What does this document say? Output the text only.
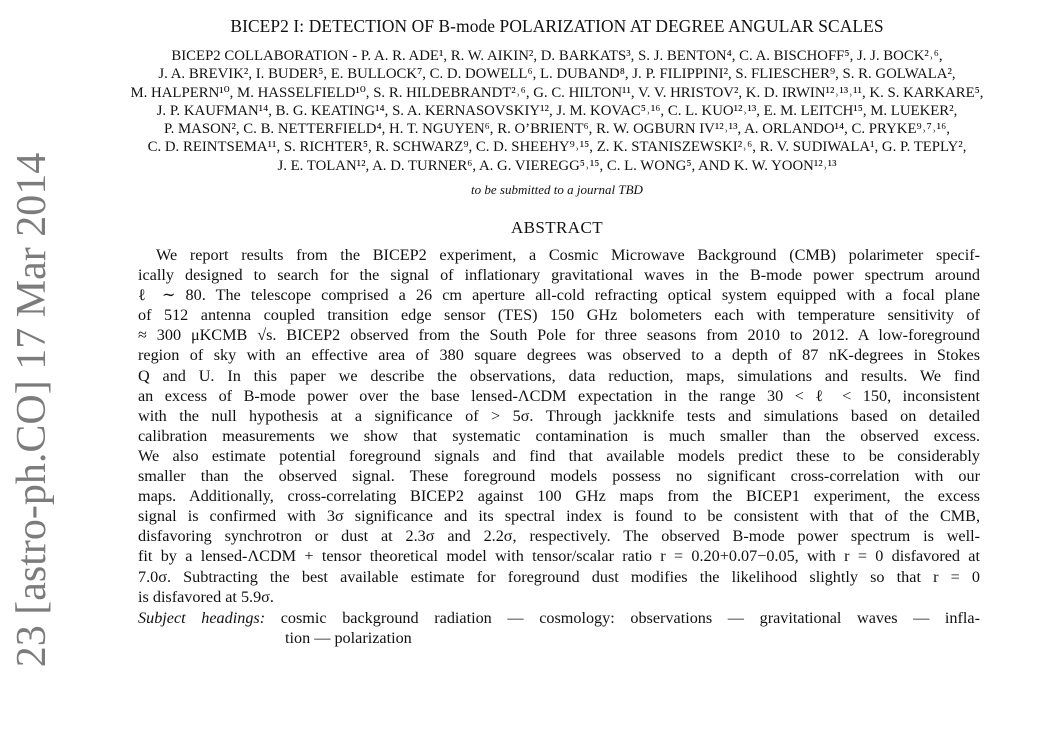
23 [astro-ph.CO] 17 Mar 2014
BICEP2 I: DETECTION OF B-mode POLARIZATION AT DEGREE ANGULAR SCALES
BICEP2 COLLABORATION - P. A. R. ADE¹, R. W. AIKIN², D. BARKATS³, S. J. BENTON⁴, C. A. BISCHOFF⁵, J. J. BOCK²˒⁶,
J. A. BREVIK², I. BUDER⁵, E. BULLOCK⁷, C. D. DOWELL⁶, L. DUBAND⁸, J. P. FILIPPINI², S. FLIESCHER⁹, S. R. GOLWALA²,
M. HALPERN¹⁰, M. HASSELFIELD¹⁰, S. R. HILDEBRANDT²˒⁶, G. C. HILTON¹¹, V. V. HRISTOV², K. D. IRWIN¹²˒¹³˒¹¹, K. S. KARKARE⁵,
J. P. KAUFMAN¹⁴, B. G. KEATING¹⁴, S. A. KERNASOVSKIY¹², J. M. KOVAC⁵˒¹⁶, C. L. KUO¹²˒¹³, E. M. LEITCH¹⁵, M. LUEKER²,
P. MASON², C. B. NETTERFIELD⁴, H. T. NGUYEN⁶, R. O’BRIENT⁶, R. W. OGBURN IV¹²˒¹³, A. ORLANDO¹⁴, C. PRYKE⁹˒⁷˒¹⁶,
C. D. REINTSEMA¹¹, S. RICHTER⁵, R. SCHWARZ⁹, C. D. SHEEHY⁹˒¹⁵, Z. K. STANISZEWSKI²˒⁶, R. V. SUDIWALA¹, G. P. TEPLY²,
J. E. TOLAN¹², A. D. TURNER⁶, A. G. VIEREGG⁵˒¹⁵, C. L. WONG⁵, AND K. W. YOON¹²˒¹³
to be submitted to a journal TBD
ABSTRACT
We report results from the BICEP2 experiment, a Cosmic Microwave Background (CMB) polarimeter specif-
ically designed to search for the signal of inflationary gravitational waves in the B-mode power spectrum around
ℓ ∼ 80. The telescope comprised a 26 cm aperture all-cold refracting optical system equipped with a focal plane
of 512 antenna coupled transition edge sensor (TES) 150 GHz bolometers each with temperature sensitivity of
≈ 300 μKCMB √s. BICEP2 observed from the South Pole for three seasons from 2010 to 2012. A low-foreground
region of sky with an effective area of 380 square degrees was observed to a depth of 87 nK-degrees in Stokes
Q and U. In this paper we describe the observations, data reduction, maps, simulations and results. We find
an excess of B-mode power over the base lensed-ΛCDM expectation in the range 30 < ℓ < 150, inconsistent
with the null hypothesis at a significance of > 5σ. Through jackknife tests and simulations based on detailed
calibration measurements we show that systematic contamination is much smaller than the observed excess.
We also estimate potential foreground signals and find that available models predict these to be considerably
smaller than the observed signal. These foreground models possess no significant cross-correlation with our
maps. Additionally, cross-correlating BICEP2 against 100 GHz maps from the BICEP1 experiment, the excess
signal is confirmed with 3σ significance and its spectral index is found to be consistent with that of the CMB,
disfavoring synchrotron or dust at 2.3σ and 2.2σ, respectively. The observed B-mode power spectrum is well-
fit by a lensed-ΛCDM + tensor theoretical model with tensor/scalar ratio r = 0.20+0.07−0.05, with r = 0 disfavored at
7.0σ. Subtracting the best available estimate for foreground dust modifies the likelihood slightly so that r = 0
is disfavored at 5.9σ.
Subject headings: cosmic background radiation — cosmology: observations — gravitational waves — infla-
tion — polarization
